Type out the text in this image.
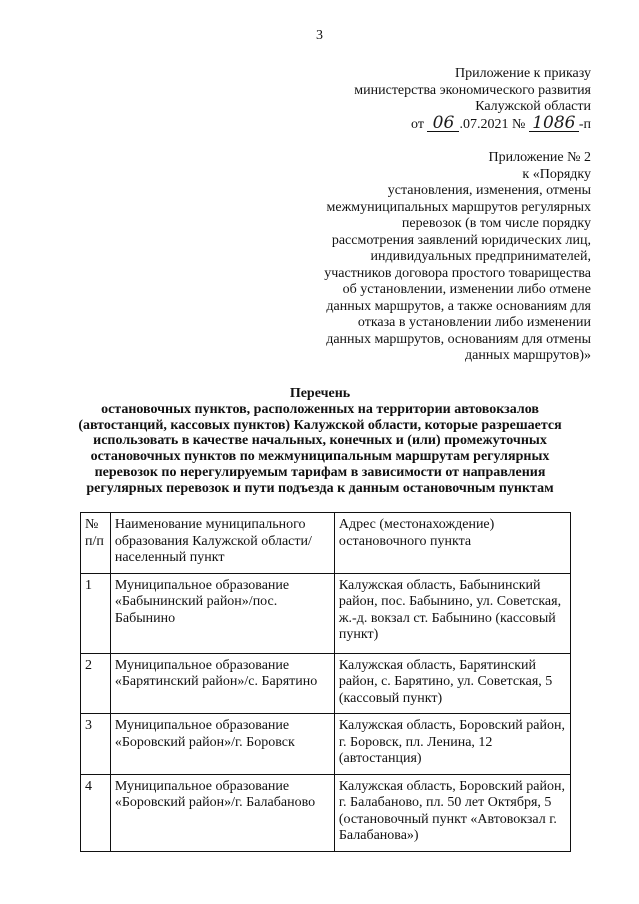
3
Приложение к приказу
министерства экономического развития
Калужской области
от 06 .07.2021 № 1086 -п
Приложение № 2
к «Порядку
установления, изменения, отмены
межмуниципальных маршрутов регулярных
перевозок (в том числе порядку
рассмотрения заявлений юридических лиц,
индивидуальных предпринимателей,
участников договора простого товарищества
об установлении, изменении либо отмене
данных маршрутов, а также основаниям для
отказа в установлении либо изменении
данных маршрутов, основаниям для отмены
данных маршрутов)»
Перечень
остановочных пунктов, расположенных на территории автовокзалов
(автостанций, кассовых пунктов) Калужской области, которые разрешается
использовать в качестве начальных, конечных и (или) промежуточных
остановочных пунктов по межмуниципальным маршрутам регулярных
перевозок по нерегулируемым тарифам в зависимости от направления
регулярных перевозок и пути подъезда к данным остановочным пунктам
№ п/п	Наименование муниципального образования Калужской области/населенный пункт	Адрес (местонахождение) остановочного пункта
1	Муниципальное образование «Бабынинский район»/пос. Бабынино	Калужская область, Бабынинский район, пос. Бабынино, ул. Советская, ж.-д. вокзал ст. Бабынино (кассовый пункт)
2	Муниципальное образование «Барятинский район»/с. Барятино	Калужская область, Барятинский район, с. Барятино, ул. Советская, 5 (кассовый пункт)
3	Муниципальное образование «Боровский район»/г. Боровск	Калужская область, Боровский район, г. Боровск, пл. Ленина, 12 (автостанция)
4	Муниципальное образование «Боровский район»/г. Балабаново	Калужская область, Боровский район, г. Балабаново, пл. 50 лет Октября, 5 (остановочный пункт «Автовокзал г. Балабанова»)
